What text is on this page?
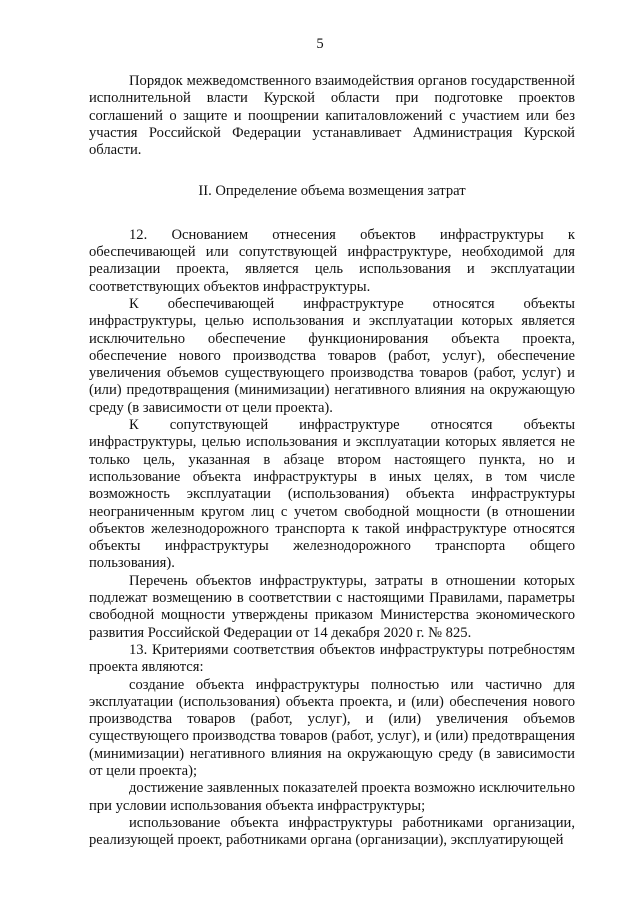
5

Порядок межведомственного взаимодействия органов государственной исполнительной власти Курской области при подготовке проектов соглашений о защите и поощрении капиталовложений с участием или без участия Российской Федерации устанавливает Администрация Курской области.

II. Определение объема возмещения затрат

12. Основанием отнесения объектов инфраструктуры к обеспечивающей или сопутствующей инфраструктуре, необходимой для реализации проекта, является цель использования и эксплуатации соответствующих объектов инфраструктуры.

К обеспечивающей инфраструктуре относятся объекты инфраструктуры, целью использования и эксплуатации которых является исключительно обеспечение функционирования объекта проекта, обеспечение нового производства товаров (работ, услуг), обеспечение увеличения объемов существующего производства товаров (работ, услуг) и (или) предотвращения (минимизации) негативного влияния на окружающую среду (в зависимости от цели проекта).

К сопутствующей инфраструктуре относятся объекты инфраструктуры, целью использования и эксплуатации которых является не только цель, указанная в абзаце втором настоящего пункта, но и использование объекта инфраструктуры в иных целях, в том числе возможность эксплуатации (использования) объекта инфраструктуры неограниченным кругом лиц с учетом свободной мощности (в отношении объектов железнодорожного транспорта к такой инфраструктуре относятся объекты инфраструктуры железнодорожного транспорта общего пользования).

Перечень объектов инфраструктуры, затраты в отношении которых подлежат возмещению в соответствии с настоящими Правилами, параметры свободной мощности утверждены приказом Министерства экономического развития Российской Федерации от 14 декабря 2020 г. № 825.

13. Критериями соответствия объектов инфраструктуры потребностям проекта являются:

создание объекта инфраструктуры полностью или частично для эксплуатации (использования) объекта проекта, и (или) обеспечения нового производства товаров (работ, услуг), и (или) увеличения объемов существующего производства товаров (работ, услуг), и (или) предотвращения (минимизации) негативного влияния на окружающую среду (в зависимости от цели проекта);

достижение заявленных показателей проекта возможно исключительно при условии использования объекта инфраструктуры;

использование объекта инфраструктуры работниками организации, реализующей проект, работниками органа (организации), эксплуатирующей
